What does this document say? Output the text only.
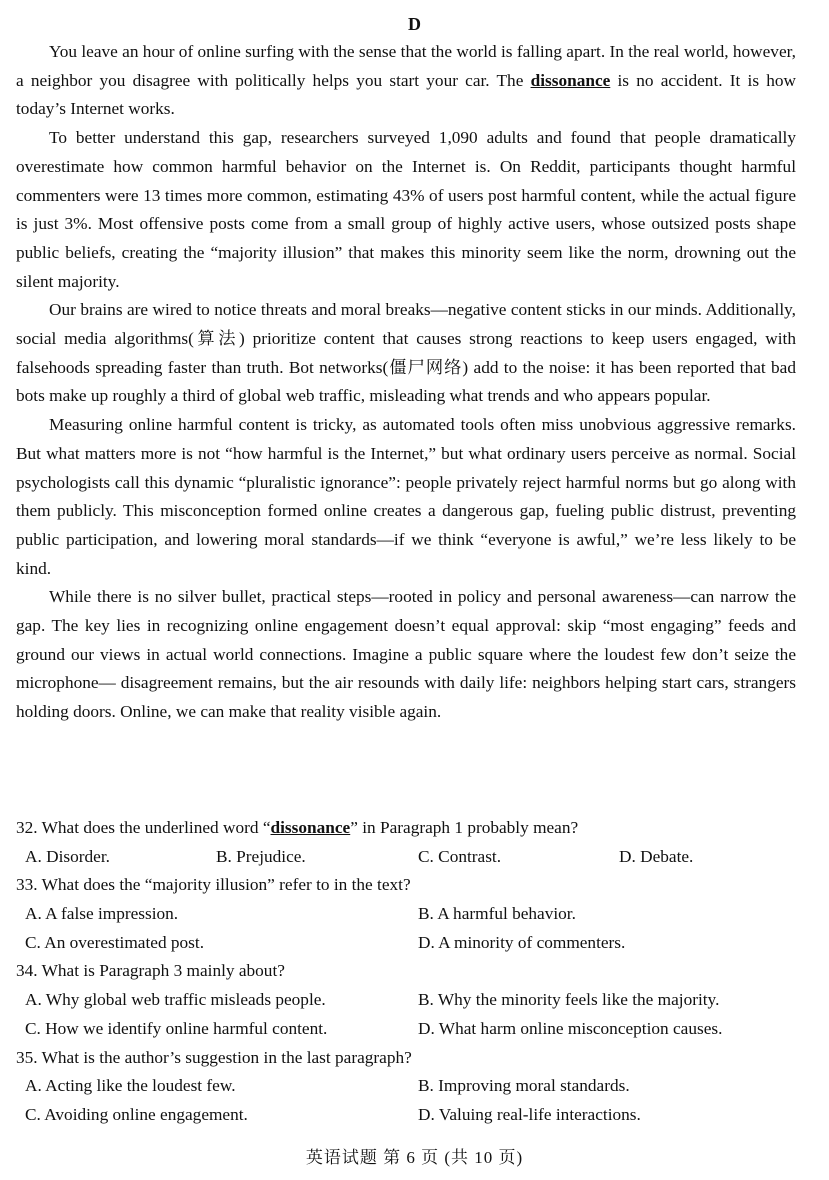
D

You leave an hour of online surfing with the sense that the world is falling apart. In the real world, however, a neighbor you disagree with politically helps you start your car. The dissonance is no accident. It is how today’s Internet works.

To better understand this gap, researchers surveyed 1,090 adults and found that people dramatically overestimate how common harmful behavior on the Internet is. On Reddit, participants thought harmful commenters were 13 times more common, estimating 43% of users post harmful content, while the actual figure is just 3%. Most offensive posts come from a small group of highly active users, whose outsized posts shape public beliefs, creating the “majority illusion” that makes this minority seem like the norm, drowning out the silent majority.

Our brains are wired to notice threats and moral breaks—negative content sticks in our minds. Additionally, social media algorithms(算法) prioritize content that causes strong reactions to keep users engaged, with falsehoods spreading faster than truth. Bot networks(僵尸网络) add to the noise: it has been reported that bad bots make up roughly a third of global web traffic, misleading what trends and who appears popular.

Measuring online harmful content is tricky, as automated tools often miss unobvious aggressive remarks. But what matters more is not “how harmful is the Internet,” but what ordinary users perceive as normal. Social psychologists call this dynamic “pluralistic ignorance”: people privately reject harmful norms but go along with them publicly. This misconception formed online creates a dangerous gap, fueling public distrust, preventing public participation, and lowering moral standards—if we think “everyone is awful,” we’re less likely to be kind.

While there is no silver bullet, practical steps—rooted in policy and personal awareness—can narrow the gap. The key lies in recognizing online engagement doesn’t equal approval: skip “most engaging” feeds and ground our views in actual world connections. Imagine a public square where the loudest few don’t seize the microphone— disagreement remains, but the air resounds with daily life: neighbors helping start cars, strangers holding doors. Online, we can make that reality visible again.

32. What does the underlined word “dissonance” in Paragraph 1 probably mean?
A. Disorder.	B. Prejudice.	C. Contrast.	D. Debate.
33. What does the “majority illusion” refer to in the text?
A. A false impression.	B. A harmful behavior.
C. An overestimated post.	D. A minority of commenters.
34. What is Paragraph 3 mainly about?
A. Why global web traffic misleads people.	B. Why the minority feels like the majority.
C. How we identify online harmful content.	D. What harm online misconception causes.
35. What is the author’s suggestion in the last paragraph?
A. Acting like the loudest few.	B. Improving moral standards.
C. Avoiding online engagement.	D. Valuing real-life interactions.
英语试题 第 6 页 (共 10 页)
